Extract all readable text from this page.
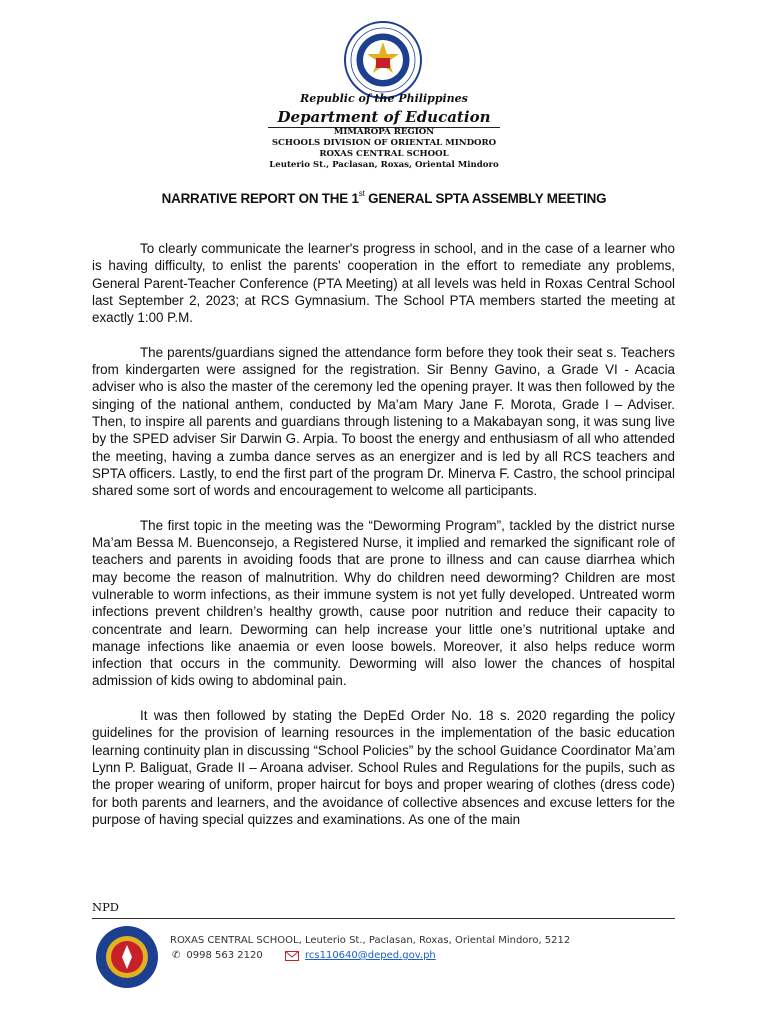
Republic of the Philippines
Department of Education
MIMAROPA REGION
SCHOOLS DIVISION OF ORIENTAL MINDORO
ROXAS CENTRAL SCHOOL
Leuterio St., Paclasan, Roxas, Oriental Mindoro
NARRATIVE REPORT ON THE 1st GENERAL SPTA ASSEMBLY MEETING

To clearly communicate the learner's progress in school, and in the case of a learner who is having difficulty, to enlist the parents' cooperation in the effort to remediate any problems, General Parent-Teacher Conference (PTA Meeting) at all levels was held in Roxas Central School last September 2, 2023; at RCS Gymnasium. The School PTA members started the meeting at exactly 1:00 P.M.

The parents/guardians signed the attendance form before they took their seat s. Teachers from kindergarten were assigned for the registration. Sir Benny Gavino, a Grade VI - Acacia adviser who is also the master of the ceremony led the opening prayer. It was then followed by the singing of the national anthem, conducted by Ma’am Mary Jane F. Morota, Grade I – Adviser. Then, to inspire all parents and guardians through listening to a Makabayan song, it was sung live by the SPED adviser Sir Darwin G. Arpia. To boost the energy and enthusiasm of all who attended the meeting, having a zumba dance serves as an energizer and is led by all RCS teachers and SPTA officers. Lastly, to end the first part of the program Dr. Minerva F. Castro, the school principal shared some sort of words and encouragement to welcome all participants.

The first topic in the meeting was the “Deworming Program”, tackled by the district nurse Ma’am Bessa M. Buenconsejo, a Registered Nurse, it implied and remarked the significant role of teachers and parents in avoiding foods that are prone to illness and can cause diarrhea which may become the reason of malnutrition. Why do children need deworming? Children are most vulnerable to worm infections, as their immune system is not yet fully developed. Untreated worm infections prevent children’s healthy growth, cause poor nutrition and reduce their capacity to concentrate and learn. Deworming can help increase your little one’s nutritional uptake and manage infections like anaemia or even loose bowels. Moreover, it also helps reduce worm infection that occurs in the community. Deworming will also lower the chances of hospital admission of kids owing to abdominal pain.

It was then followed by stating the DepEd Order No. 18 s. 2020 regarding the policy guidelines for the provision of learning resources in the implementation of the basic education learning continuity plan in discussing “School Policies” by the school Guidance Coordinator Ma’am Lynn P. Baliguat, Grade II – Aroana adviser. School Rules and Regulations for the pupils, such as the proper wearing of uniform, proper haircut for boys and proper wearing of clothes (dress code) for both parents and learners, and the avoidance of collective absences and excuse letters for the purpose of having special quizzes and examinations. As one of the main

NPD
ROXAS CENTRAL SCHOOL, Leuterio St., Paclasan, Roxas, Oriental Mindoro, 5212
✆ 0998 563 2120	rcs110640@deped.gov.ph
